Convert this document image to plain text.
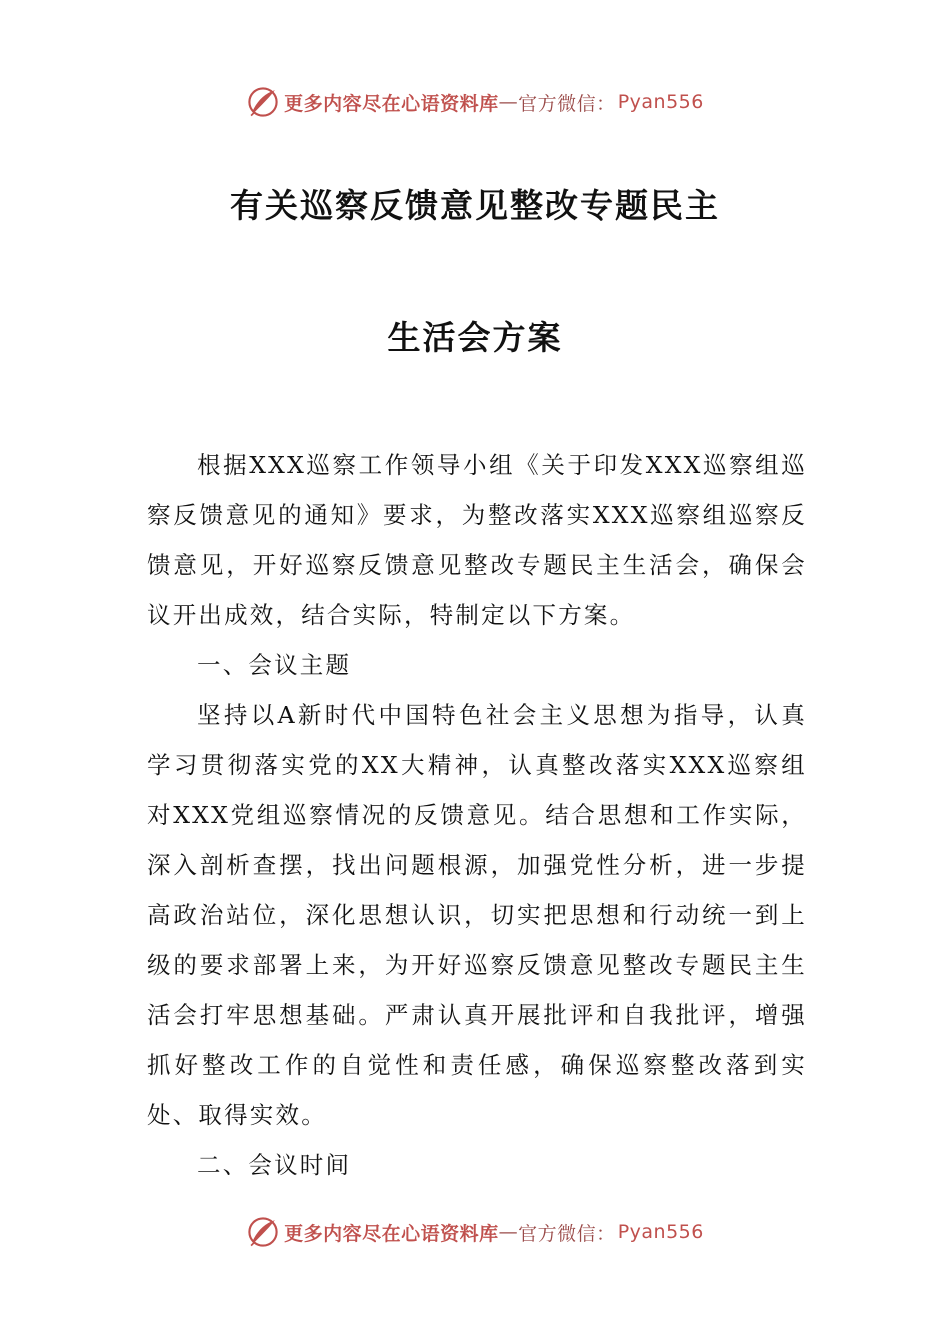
更多内容尽在心语资料库 — 官方微信： Pyan556
有关巡察反馈意见整改专题民主
生活会方案

根据XXX巡察工作领导小组《关于印发XXX巡察组巡察反馈意见的通知》要求，为整改落实XXX巡察组巡察反馈意见，开好巡察反馈意见整改专题民主生活会，确保会议开出成效，结合实际，特制定以下方案。

一、会议主题

坚持以A新时代中国特色社会主义思想为指导，认真学习贯彻落实党的XX大精神，认真整改落实XXX巡察组对XXX党组巡察情况的反馈意见。结合思想和工作实际，深入剖析查摆，找出问题根源，加强党性分析，进一步提高政治站位，深化思想认识，切实把思想和行动统一到上级的要求部署上来，为开好巡察反馈意见整改专题民主生活会打牢思想基础。严肃认真开展批评和自我批评，增强抓好整改工作的自觉性和责任感，确保巡察整改落到实处、取得实效。

二、会议时间

更多内容尽在心语资料库 — 官方微信： Pyan556
